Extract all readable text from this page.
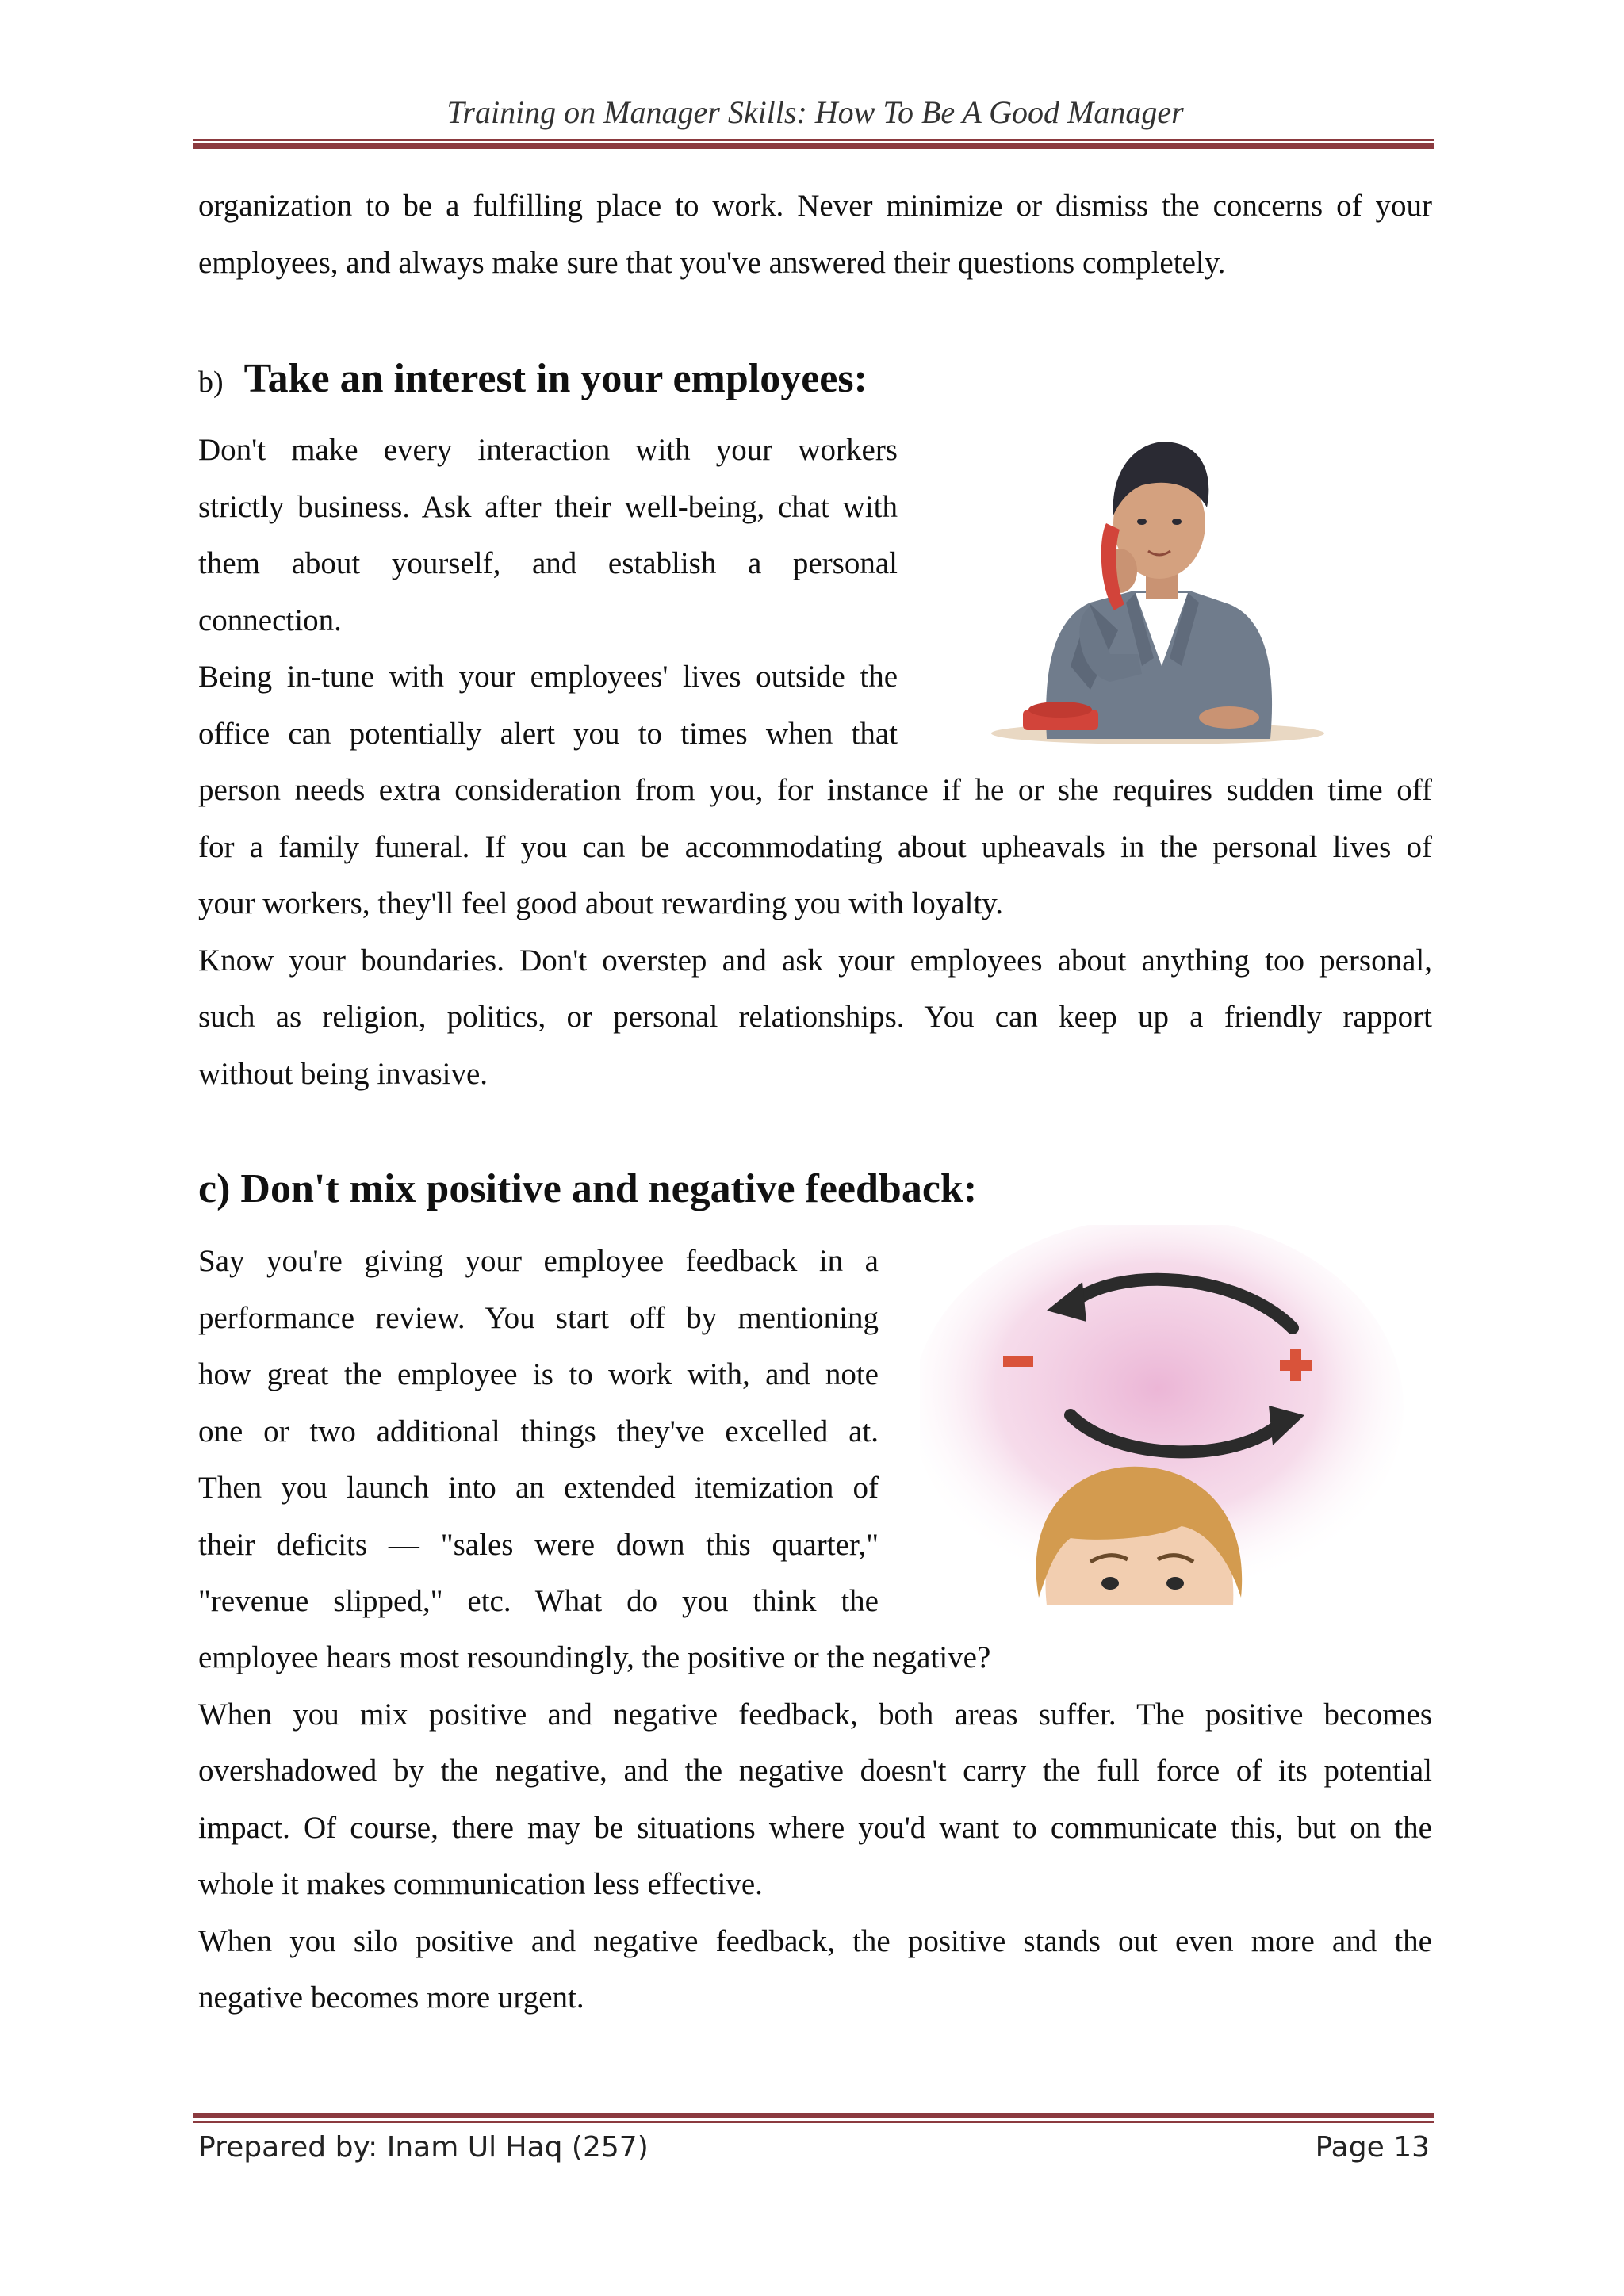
Training on Manager Skills: How To Be A Good Manager
organization to be a fulfilling place to work. Never minimize or dismiss the concerns of your
employees, and always make sure that you've answered their questions completely.
b) Take an interest in your employees:
Don't make every interaction with your workers
strictly business. Ask after their well-being, chat with
them about yourself, and establish a personal
connection.
Being in-tune with your employees' lives outside the
office can potentially alert you to times when that
person needs extra consideration from you, for instance if he or she requires sudden time off
for a family funeral. If you can be accommodating about upheavals in the personal lives of
your workers, they'll feel good about rewarding you with loyalty.
Know your boundaries. Don't overstep and ask your employees about anything too personal,
such as religion, politics, or personal relationships. You can keep up a friendly rapport
without being invasive.
c) Don't mix positive and negative feedback:
Say you're giving your employee feedback in a
performance review. You start off by mentioning
how great the employee is to work with, and note
one or two additional things they've excelled at.
Then you launch into an extended itemization of
their deficits — "sales were down this quarter,"
"revenue slipped," etc. What do you think the
employee hears most resoundingly, the positive or the negative?
When you mix positive and negative feedback, both areas suffer. The positive becomes
overshadowed by the negative, and the negative doesn't carry the full force of its potential
impact. Of course, there may be situations where you'd want to communicate this, but on the
whole it makes communication less effective.
When you silo positive and negative feedback, the positive stands out even more and the
negative becomes more urgent.
Prepared by: Inam Ul Haq (257)	Page 13
